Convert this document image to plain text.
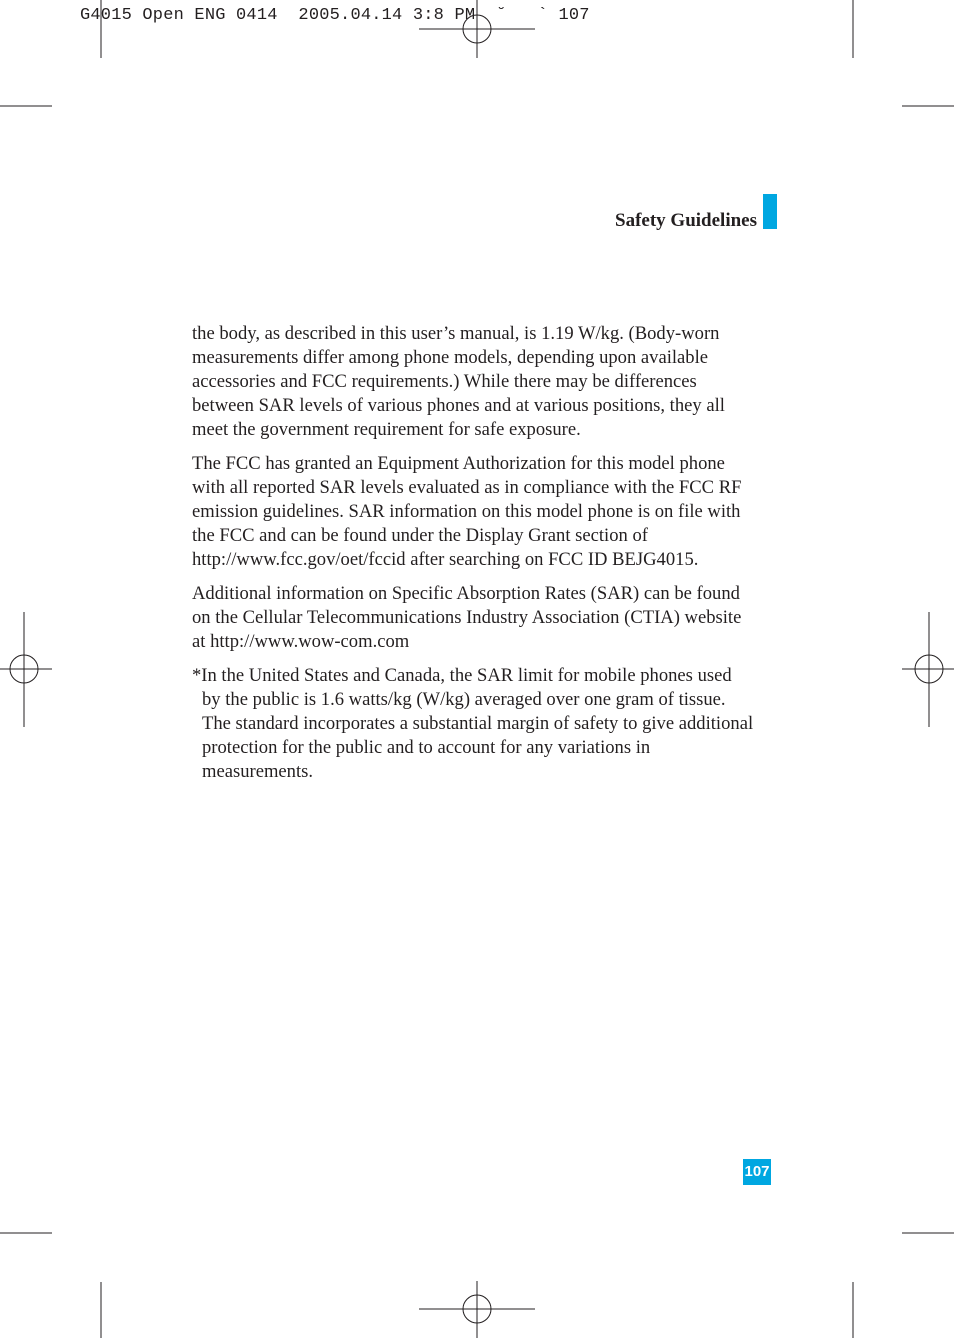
G4015 Open ENG 0414  2005.04.14 3:8 PM  ˘   ` 107
Safety Guidelines

the body, as described in this user’s manual, is 1.19 W/kg. (Body-worn
measurements differ among phone models, depending upon available
accessories and FCC requirements.) While there may be differences
between SAR levels of various phones and at various positions, they all
meet the government requirement for safe exposure.

The FCC has granted an Equipment Authorization for this model phone
with all reported SAR levels evaluated as in compliance with the FCC RF
emission guidelines. SAR information on this model phone is on file with
the FCC and can be found under the Display Grant section of
http://www.fcc.gov/oet/fccid after searching on FCC ID BEJG4015.

Additional information on Specific Absorption Rates (SAR) can be found
on the Cellular Telecommunications Industry Association (CTIA) website
at http://www.wow-com.com

*In the United States and Canada, the SAR limit for mobile phones used
by the public is 1.6 watts/kg (W/kg) averaged over one gram of tissue.
The standard incorporates a substantial margin of safety to give additional
protection for the public and to account for any variations in
measurements.

107
